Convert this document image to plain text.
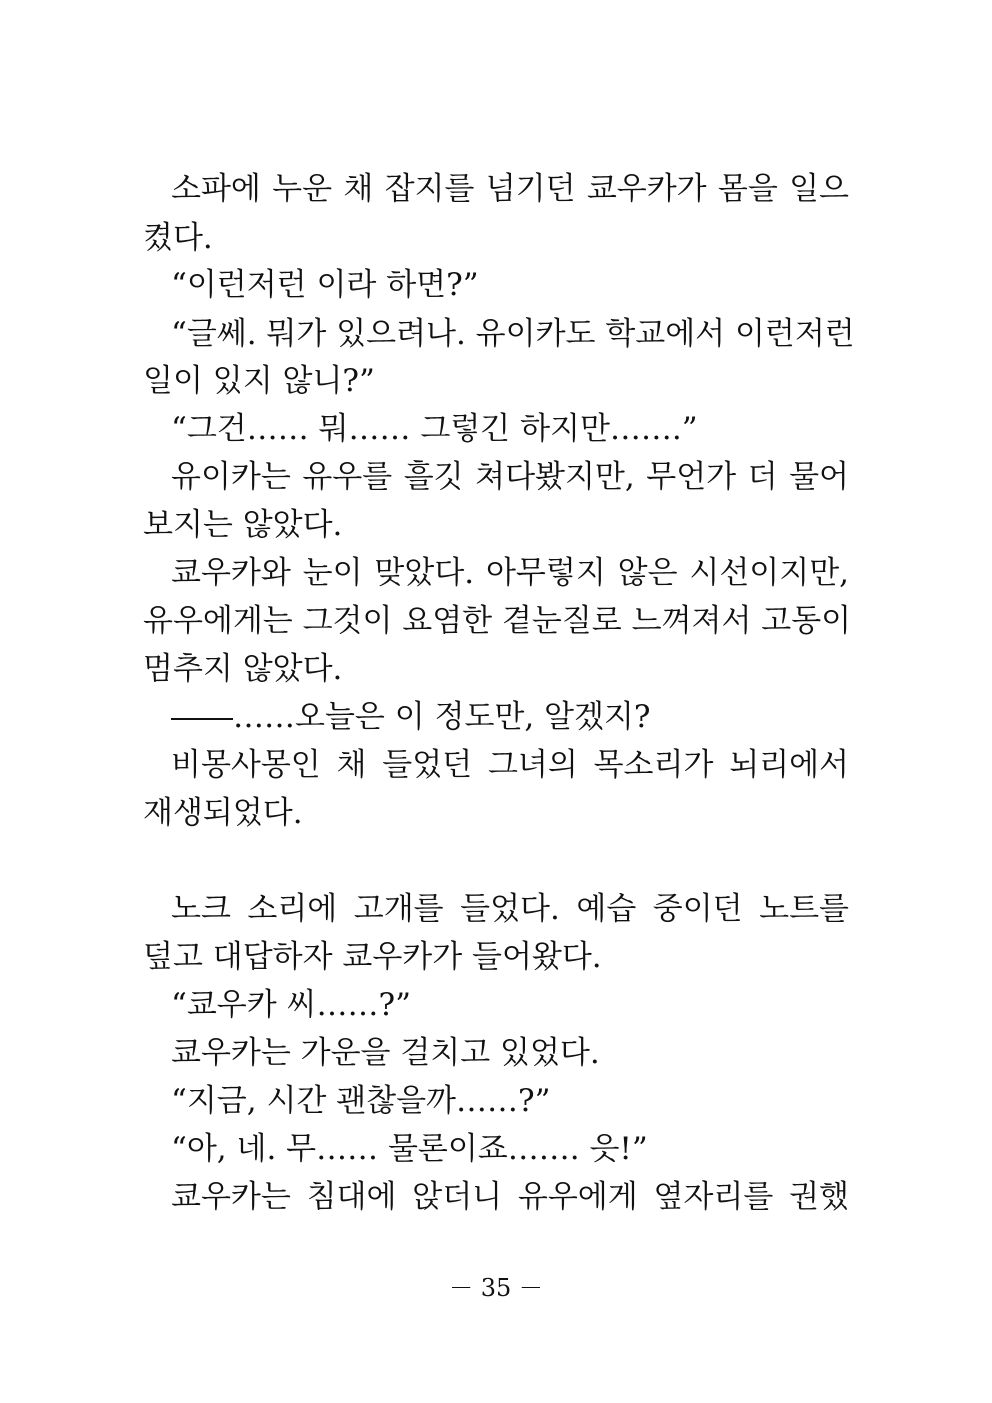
소파에 누운 채 잡지를 넘기던 쿄우카가 몸을 일으
켰다.
“이런저런 이라 하면?”
“글쎄. 뭐가 있으려나. 유이카도 학교에서 이런저런
일이 있지 않니?”
“그건…… 뭐…… 그렇긴 하지만…….”
유이카는 유우를 흘깃 쳐다봤지만, 무언가 더 물어
보지는 않았다.
쿄우카와 눈이 맞았다. 아무렇지 않은 시선이지만,
유우에게는 그것이 요염한 곁눈질로 느껴져서 고동이
멈추지 않았다.
――……오늘은 이 정도만, 알겠지?
비몽사몽인 채 들었던 그녀의 목소리가 뇌리에서
재생되었다.
노크 소리에 고개를 들었다. 예습 중이던 노트를
덮고 대답하자 쿄우카가 들어왔다.
“쿄우카 씨……?”
쿄우카는 가운을 걸치고 있었다.
“지금, 시간 괜찮을까……?”
“아, 네. 무…… 물론이죠……. 읏!”
쿄우카는 침대에 앉더니 유우에게 옆자리를 권했
－ 35 －
